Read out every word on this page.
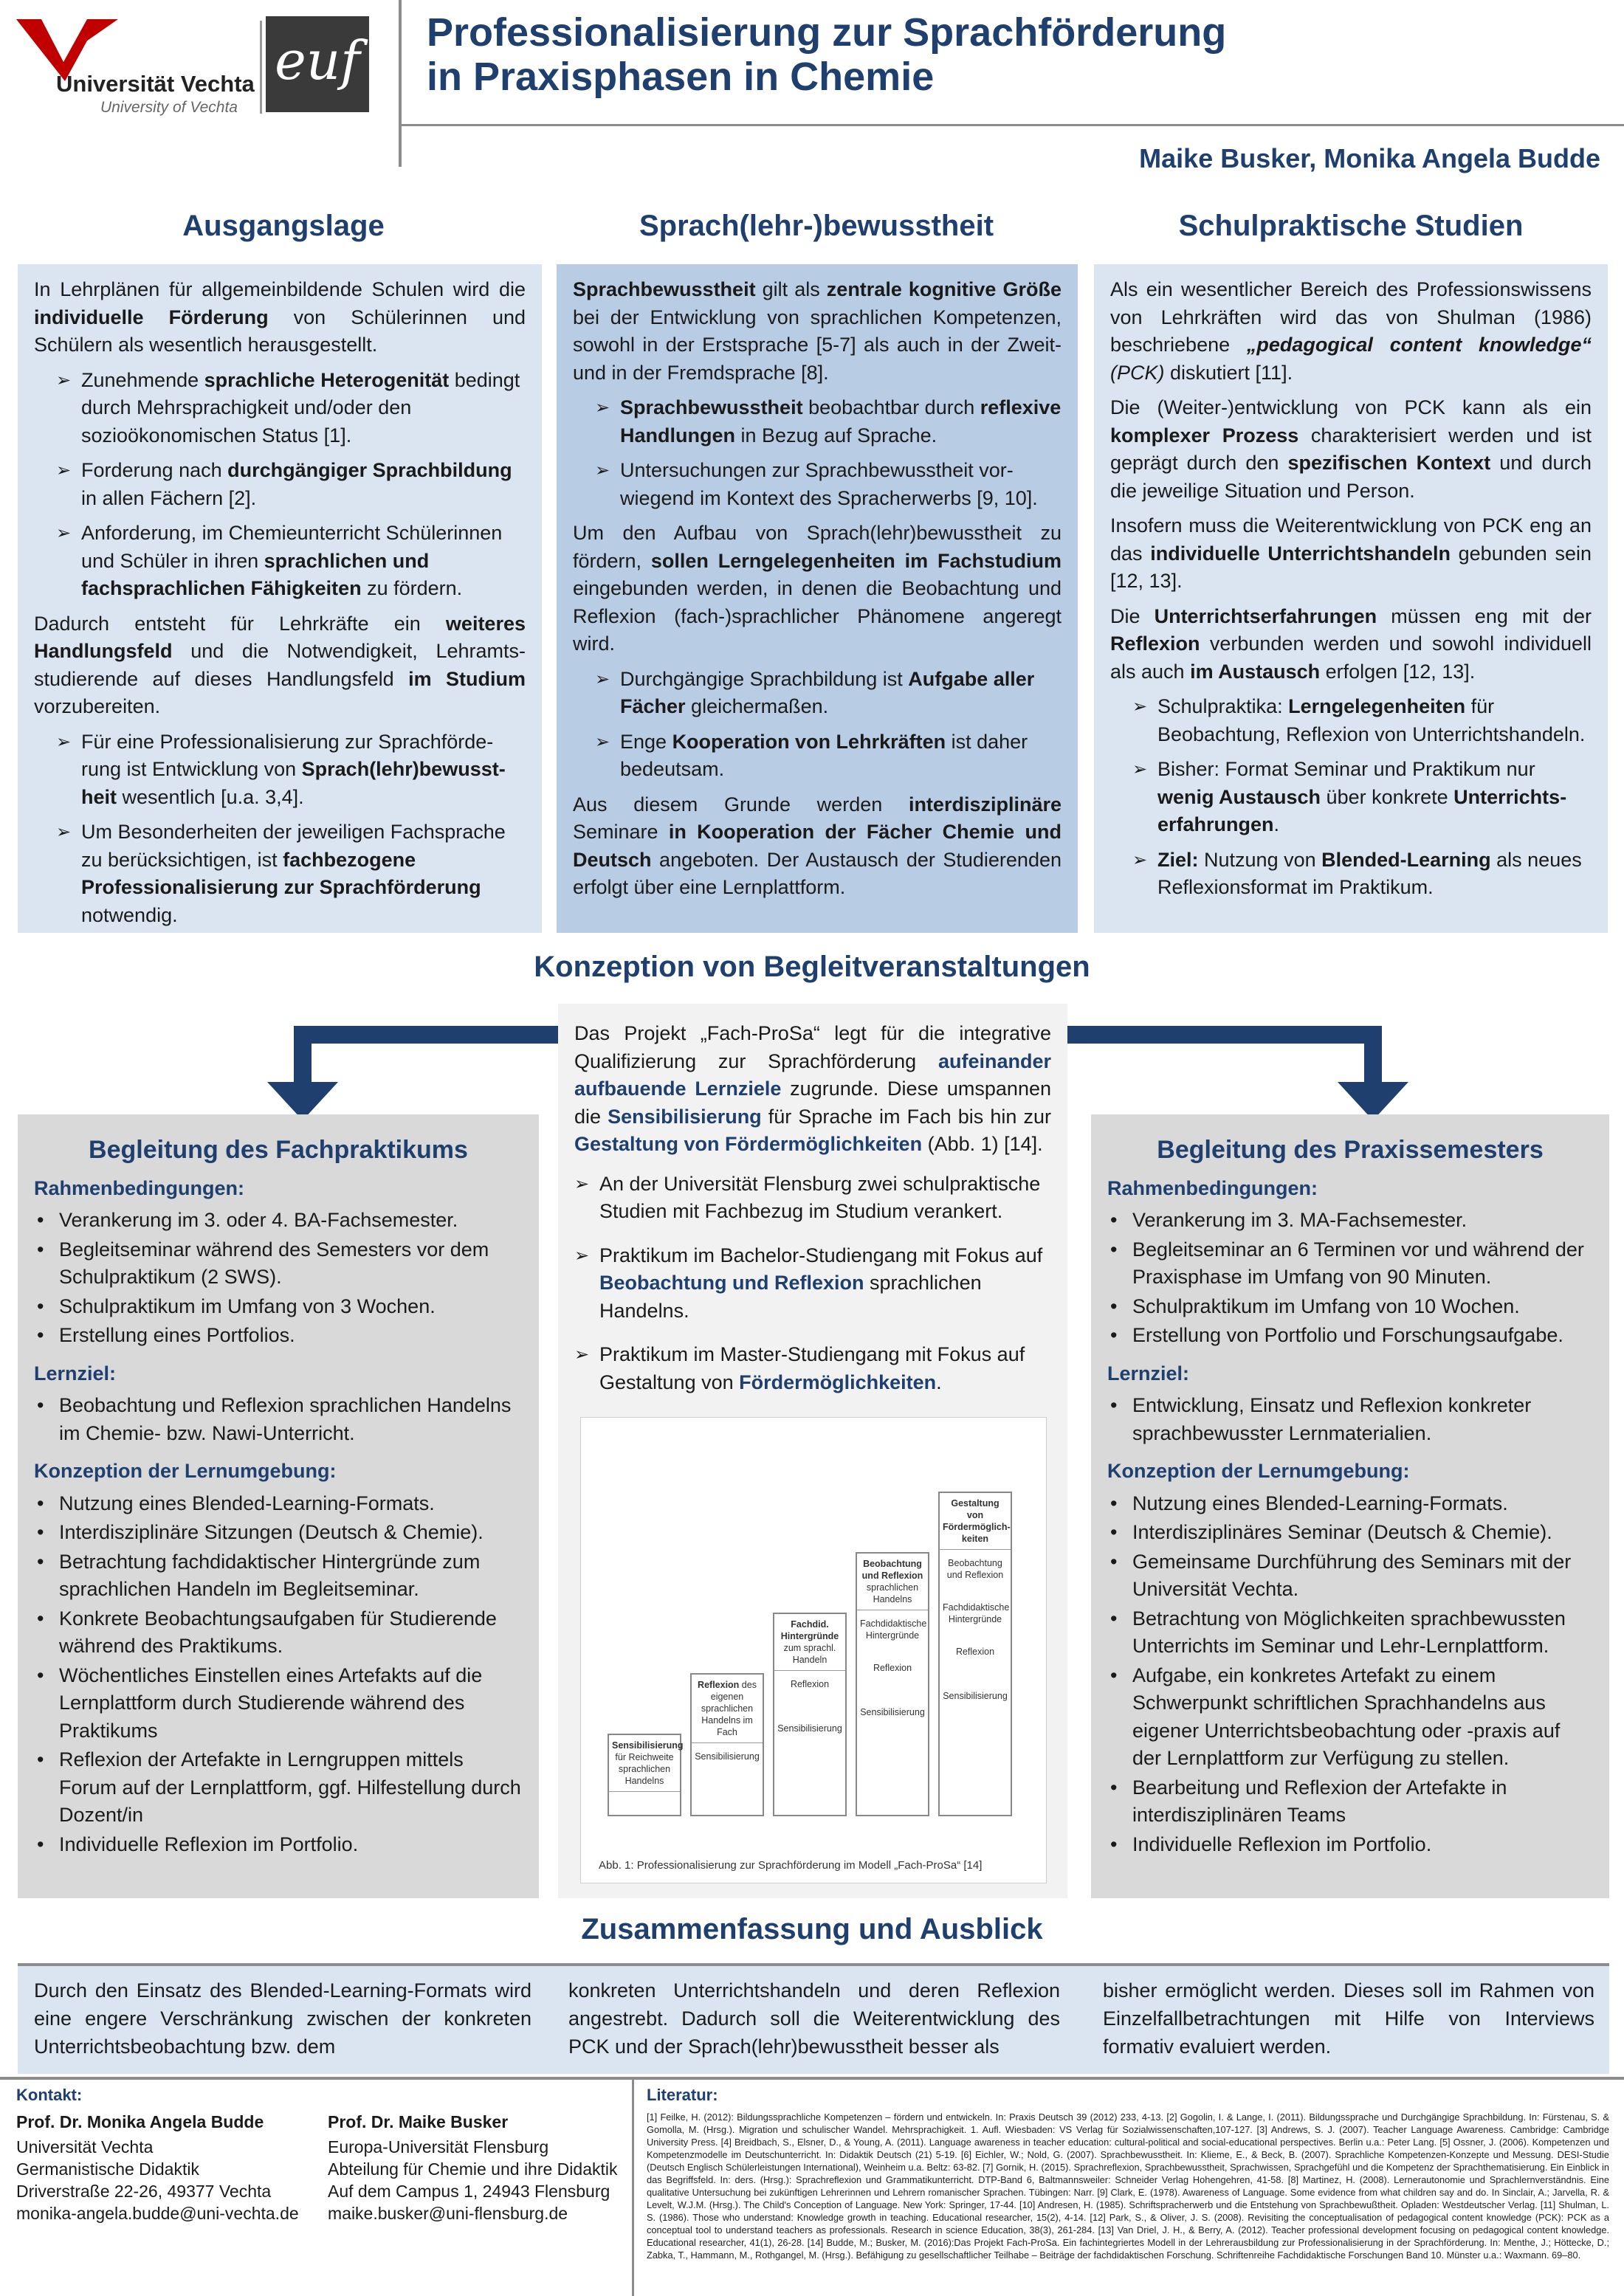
Universität Vechta
University of Vechta
euf Professionalisierung zur Sprachförderung
in Praxisphasen in Chemie
Maike Busker, Monika Angela Budde
Ausgangslage	Sprach(lehr-)bewusstheit	Schulpraktische Studien

In Lehrplänen für allgemeinbildende Schulen wird die individuelle Förderung von Schülerinnen und Schülern als wesentlich herausgestellt.

➢ Zunehmende sprachliche Heterogenität bedingt durch Mehrsprachigkeit und/oder den sozioökonomischen Status [1].
➢ Forderung nach durchgängiger Sprachbildung in allen Fächern [2].
➢ Anforderung, im Chemieunterricht Schülerinnen und Schüler in ihren sprachlichen und fachsprachlichen Fähigkeiten zu fördern.

Dadurch entsteht für Lehrkräfte ein weiteres Handlungsfeld und die Notwendigkeit, Lehramtsstudierende auf dieses Handlungsfeld im Studium vorzubereiten.

➢ Für eine Professionalisierung zur Sprachförderung ist Entwicklung von Sprach(lehr)bewusstheit wesentlich [u.a. 3,4].
➢ Um Besonderheiten der jeweiligen Fachsprache zu berücksichtigen, ist fachbezogene Professionalisierung zur Sprachförderung notwendig.

Sprachbewusstheit gilt als zentrale kognitive Größe bei der Entwicklung von sprachlichen Kompetenzen, sowohl in der Erstsprache [5-7] als auch in der Zweit- und in der Fremdsprache [8].

➢ Sprachbewusstheit beobachtbar durch reflexive Handlungen in Bezug auf Sprache.
➢ Untersuchungen zur Sprachbewusstheit vorwiegend im Kontext des Spracherwerbs [9, 10].

Um den Aufbau von Sprach(lehr)bewusstheit zu fördern, sollen Lerngelegenheiten im Fachstudium eingebunden werden, in denen die Beobachtung und Reflexion (fach-)sprachlicher Phänomene angeregt wird.

➢ Durchgängige Sprachbildung ist Aufgabe aller Fächer gleichermaßen.
➢ Enge Kooperation von Lehrkräften ist daher bedeutsam.

Aus diesem Grunde werden interdisziplinäre Seminare in Kooperation der Fächer Chemie und Deutsch angeboten. Der Austausch der Studierenden erfolgt über eine Lernplattform.

Als ein wesentlicher Bereich des Professionswissens von Lehrkräften wird das von Shulman (1986) beschriebene „pedagogical content knowledge“ (PCK) diskutiert [11].

Die (Weiter-)entwicklung von PCK kann als ein komplexer Prozess charakterisiert werden und ist geprägt durch den spezifischen Kontext und durch die jeweilige Situation und Person.

Insofern muss die Weiterentwicklung von PCK eng an das individuelle Unterrichtshandeln gebunden sein [12, 13].

Die Unterrichtserfahrungen müssen eng mit der Reflexion verbunden werden und sowohl individuell als auch im Austausch erfolgen [12, 13].

➢ Schulpraktika: Lerngelegenheiten für Beobachtung, Reflexion von Unterrichtshandeln.
➢ Bisher: Format Seminar und Praktikum nur wenig Austausch über konkrete Unterrichtserfahrungen.
➢ Ziel: Nutzung von Blended-Learning als neues Reflexionsformat im Praktikum.
Konzeption von Begleitveranstaltungen

Das Projekt „Fach-ProSa“ legt für die integrative Qualifizierung zur Sprachförderung aufeinander aufbauende Lernziele zugrunde. Diese umspannen die Sensibilisierung für Sprache im Fach bis hin zur Gestaltung von Fördermöglichkeiten (Abb. 1) [14].

➢ An der Universität Flensburg zwei schulpraktische Studien mit Fachbezug im Studium verankert.
➢ Praktikum im Bachelor-Studiengang mit Fokus auf Beobachtung und Reflexion sprachlichen Handelns.
➢ Praktikum im Master-Studiengang mit Fokus auf Gestaltung von Fördermöglichkeiten.
Sensibilisierung für Reichweite sprachlichen Handelns
Reflexion des eigenen sprachlichen Handelns im Fach
Sensibilisierung
Fachdid. Hintergründe zum sprachl. Handeln
Reflexion
Sensibilisierung
Beobachtung und Reflexion sprachlichen Handelns
Fachdidaktische Hintergründe
Reflexion
Sensibilisierung
Gestaltung von Fördermöglichkeiten
Beobachtung und Reflexion
Fachdidaktische Hintergründe
Reflexion
Sensibilisierung
Abb. 1: Professionalisierung zur Sprachförderung im Modell „Fach-ProSa“ [14]
Begleitung des Fachpraktikums
Rahmenbedingungen:
• Verankerung im 3. oder 4. BA-Fachsemester.
• Begleitseminar während des Semesters vor dem Schulpraktikum (2 SWS).
• Schulpraktikum im Umfang von 3 Wochen.
• Erstellung eines Portfolios.
Lernziel:
• Beobachtung und Reflexion sprachlichen Handelns im Chemie- bzw. Nawi-Unterricht.
Konzeption der Lernumgebung:
• Nutzung eines Blended-Learning-Formats.
• Interdisziplinäre Sitzungen (Deutsch & Chemie).
• Betrachtung fachdidaktischer Hintergründe zum sprachlichen Handeln im Begleitseminar.
• Konkrete Beobachtungsaufgaben für Studierende während des Praktikums.
• Wöchentliches Einstellen eines Artefakts auf die Lernplattform durch Studierende während des Praktikums
• Reflexion der Artefakte in Lerngruppen mittels Forum auf der Lernplattform, ggf. Hilfestellung durch Dozent/in
• Individuelle Reflexion im Portfolio.
Begleitung des Praxissemesters
Rahmenbedingungen:
• Verankerung im 3. MA-Fachsemester.
• Begleitseminar an 6 Terminen vor und während der Praxisphase im Umfang von 90 Minuten.
• Schulpraktikum im Umfang von 10 Wochen.
• Erstellung von Portfolio und Forschungsaufgabe.
Lernziel:
• Entwicklung, Einsatz und Reflexion konkreter sprachbewusster Lernmaterialien.
Konzeption der Lernumgebung:
• Nutzung eines Blended-Learning-Formats.
• Interdisziplinäres Seminar (Deutsch & Chemie).
• Gemeinsame Durchführung des Seminars mit der Universität Vechta.
• Betrachtung von Möglichkeiten sprachbewussten Unterrichts im Seminar und Lehr-Lernplattform.
• Aufgabe, ein konkretes Artefakt zu einem Schwerpunkt schriftlichen Sprachhandelns aus eigener Unterrichtsbeobachtung oder -praxis auf der Lernplattform zur Verfügung zu stellen.
• Bearbeitung und Reflexion der Artefakte in interdisziplinären Teams
• Individuelle Reflexion im Portfolio.
Zusammenfassung und Ausblick
Durch den Einsatz des Blended-Learning-Formats wird eine engere Verschränkung zwischen der konkreten Unterrichtsbeobachtung bzw. dem
konkreten Unterrichtshandeln und deren Reflexion angestrebt. Dadurch soll die Weiterentwicklung des PCK und der Sprach(lehr)bewusstheit besser als
bisher ermöglicht werden. Dieses soll im Rahmen von Einzelfallbetrachtungen mit Hilfe von Interviews formativ evaluiert werden.
Kontakt:
Prof. Dr. Monika Angela Budde
Universität Vechta
Germanistische Didaktik
Driverstraße 22-26, 49377 Vechta
monika-angela.budde@uni-vechta.de
Prof. Dr. Maike Busker
Europa-Universität Flensburg
Abteilung für Chemie und ihre Didaktik
Auf dem Campus 1, 24943 Flensburg
maike.busker@uni-flensburg.de
Literatur:
[1] Feilke, H. (2012): Bildungssprachliche Kompetenzen – fördern und entwickeln. In: Praxis Deutsch 39 (2012) 233, 4-13. [2] Gogolin, I. & Lange, I. (2011). Bildungssprache und Durchgängige Sprachbildung. In: Fürstenau, S. & Gomolla, M. (Hrsg.). Migration und schulischer Wandel. Mehrsprachigkeit. 1. Aufl. Wiesbaden: VS Verlag für Sozialwissenschaften,107-127. [3] Andrews, S. J. (2007). Teacher Language Awareness. Cambridge: Cambridge University Press. [4] Breidbach, S., Elsner, D., & Young, A. (2011). Language awareness in teacher education: cultural-political and social-educational perspectives. Berlin u.a.: Peter Lang. [5] Ossner, J. (2006). Kompetenzen und Kompetenzmodelle im Deutschunterricht. In: Didaktik Deutsch (21) 5-19. [6] Eichler, W.; Nold, G. (2007). Sprachbewusstheit. In: Klieme, E., & Beck, B. (2007). Sprachliche Kompetenzen-Konzepte und Messung. DESI-Studie (Deutsch Englisch Schülerleistungen International), Weinheim u.a. Beltz: 63-82. [7] Gornik, H. (2015). Sprachreflexion, Sprachbewusstheit, Sprachwissen, Sprachgefühl und die Kompetenz der Sprachthematisierung. Ein Einblick in das Begriffsfeld. In: ders. (Hrsg.): Sprachreflexion und Grammatikunterricht. DTP-Band 6, Baltmannsweiler: Schneider Verlag Hohengehren, 41-58. [8] Martinez, H. (2008). Lernerautonomie und Sprachlernverständnis. Eine qualitative Untersuchung bei zukünftigen Lehrerinnen und Lehrern romanischer Sprachen. Tübingen: Narr. [9] Clark, E. (1978). Awareness of Language. Some evidence from what children say and do. In Sinclair, A.; Jarvella, R. & Levelt, W.J.M. (Hrsg.). The Child's Conception of Language. New York: Springer, 17-44. [10] Andresen, H. (1985). Schriftspracherwerb und die Entstehung von Sprachbewußtheit. Opladen: Westdeutscher Verlag. [11] Shulman, L. S. (1986). Those who understand: Knowledge growth in teaching. Educational researcher, 15(2), 4-14. [12] Park, S., & Oliver, J. S. (2008). Revisiting the conceptualisation of pedagogical content knowledge (PCK): PCK as a conceptual tool to understand teachers as professionals. Research in science Education, 38(3), 261-284. [13] Van Driel, J. H., & Berry, A. (2012). Teacher professional development focusing on pedagogical content knowledge. Educational researcher, 41(1), 26-28. [14] Budde, M.; Busker, M. (2016):Das Projekt Fach-ProSa. Ein fachintegriertes Modell in der Lehrerausbildung zur Professionalisierung in der Sprachförderung. In: Menthe, J.; Höttecke, D.; Zabka, T., Hammann, M., Rothgangel, M. (Hrsg.). Befähigung zu gesellschaftlicher Teilhabe – Beiträge der fachdidaktischen Forschung. Schriftenreihe Fachdidaktische Forschungen Band 10. Münster u.a.: Waxmann. 69–80.
